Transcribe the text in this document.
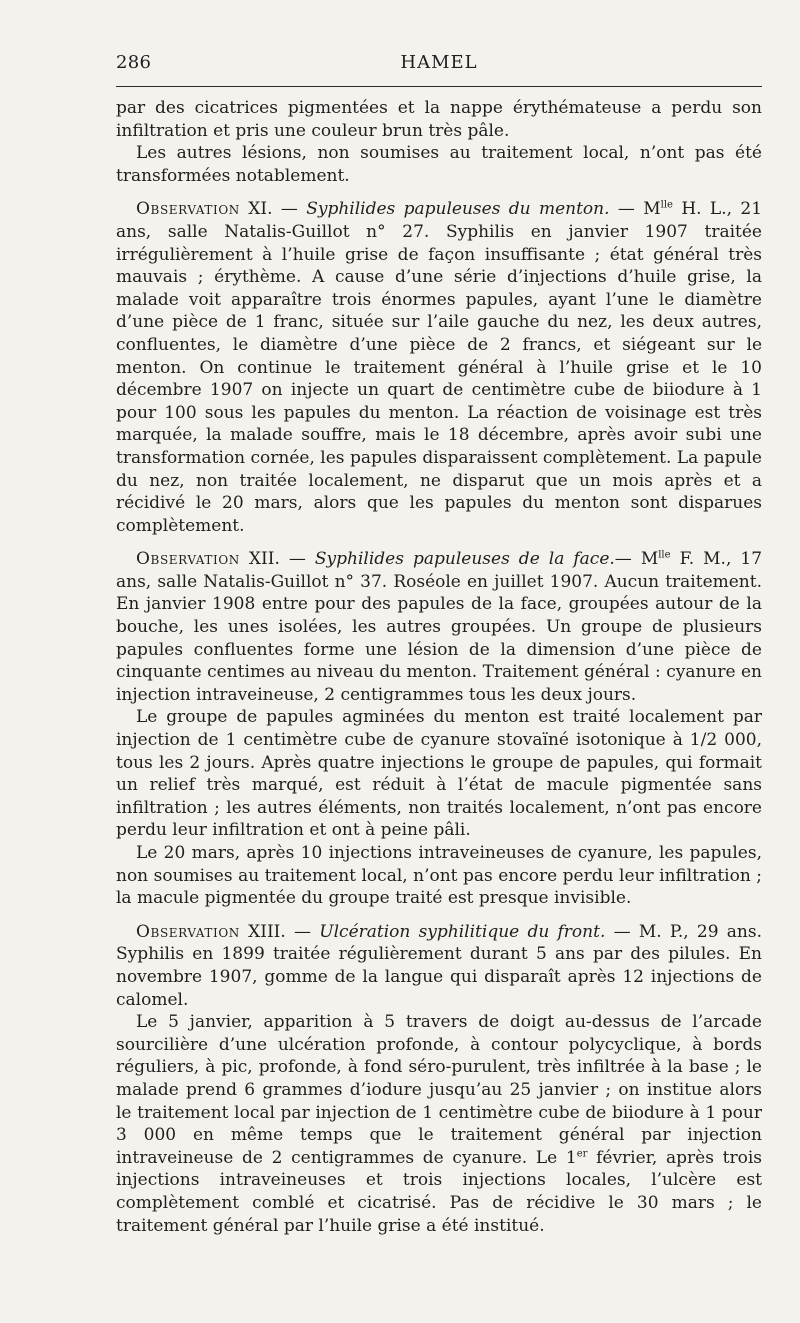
286	HAMEL

par des cicatrices pigmentées et la nappe érythémateuse a perdu son infiltration et pris une couleur brun très pâle.

Les autres lésions, non soumises au traitement local, n’ont pas été transformées notablement.

Observation XI. — Syphilides papuleuses du menton. — $M^{lle}$ H. L., 21 ans, salle Natalis-Guillot n° 27. Syphilis en janvier 1907 traitée irrégulièrement à l’huile grise de façon insuffisante ; état général très mauvais ; érythème. A cause d’une série d’injections d’huile grise, la malade voit apparaître trois énormes papules, ayant l’une le diamètre d’une pièce de 1 franc, située sur l’aile gauche du nez, les deux autres, confluentes, le diamètre d’une pièce de 2 francs, et siégeant sur le menton. On continue le traitement général à l’huile grise et le 10 décembre 1907 on injecte un quart de centimètre cube de biiodure à 1 pour 100 sous les papules du menton. La réaction de voisinage est très marquée, la malade souffre, mais le 18 décembre, après avoir subi une transformation cornée, les papules disparaissent complètement. La papule du nez, non traitée localement, ne disparut que un mois après et a récidivé le 20 mars, alors que les papules du menton sont disparues complètement.

Observation XII. — Syphilides papuleuses de la face.— $M^{lle}$ F. M., 17 ans, salle Natalis-Guillot n° 37. Roséole en juillet 1907. Aucun traitement. En janvier 1908 entre pour des papules de la face, groupées autour de la bouche, les unes isolées, les autres groupées. Un groupe de plusieurs papules confluentes forme une lésion de la dimension d’une pièce de cinquante centimes au niveau du menton. Traitement général : cyanure en injection intraveineuse, 2 centigrammes tous les deux jours.

Le groupe de papules agminées du menton est traité localement par injection de 1 centimètre cube de cyanure stovaïné isotonique à 1/2 000, tous les 2 jours. Après quatre injections le groupe de papules, qui formait un relief très marqué, est réduit à l’état de macule pigmentée sans infiltration ; les autres éléments, non traités localement, n’ont pas encore perdu leur infiltration et ont à peine pâli.

Le 20 mars, après 10 injections intraveineuses de cyanure, les papules, non soumises au traitement local, n’ont pas encore perdu leur infiltration ; la macule pigmentée du groupe traité est presque invisible.

Observation XIII. — Ulcération syphilitique du front. — M. P., 29 ans. Syphilis en 1899 traitée régulièrement durant 5 ans par des pilules. En novembre 1907, gomme de la langue qui disparaît après 12 injections de calomel.

Le 5 janvier, apparition à 5 travers de doigt au-dessus de l’arcade sourcilière d’une ulcération profonde, à contour polycyclique, à bords réguliers, à pic, profonde, à fond séro-purulent, très infiltrée à la base ; le malade prend 6 grammes d’iodure jusqu’au 25 janvier ; on institue alors le traitement local par injection de 1 centimètre cube de biiodure à 1 pour 3 000 en même temps que le traitement général par injection intraveineuse de 2 centigrammes de cyanure. Le 1er février, après trois injections intraveineuses et trois injections locales, l’ulcère est complètement comblé et cicatrisé. Pas de récidive le 30 mars ; le traitement général par l’huile grise a été institué.
